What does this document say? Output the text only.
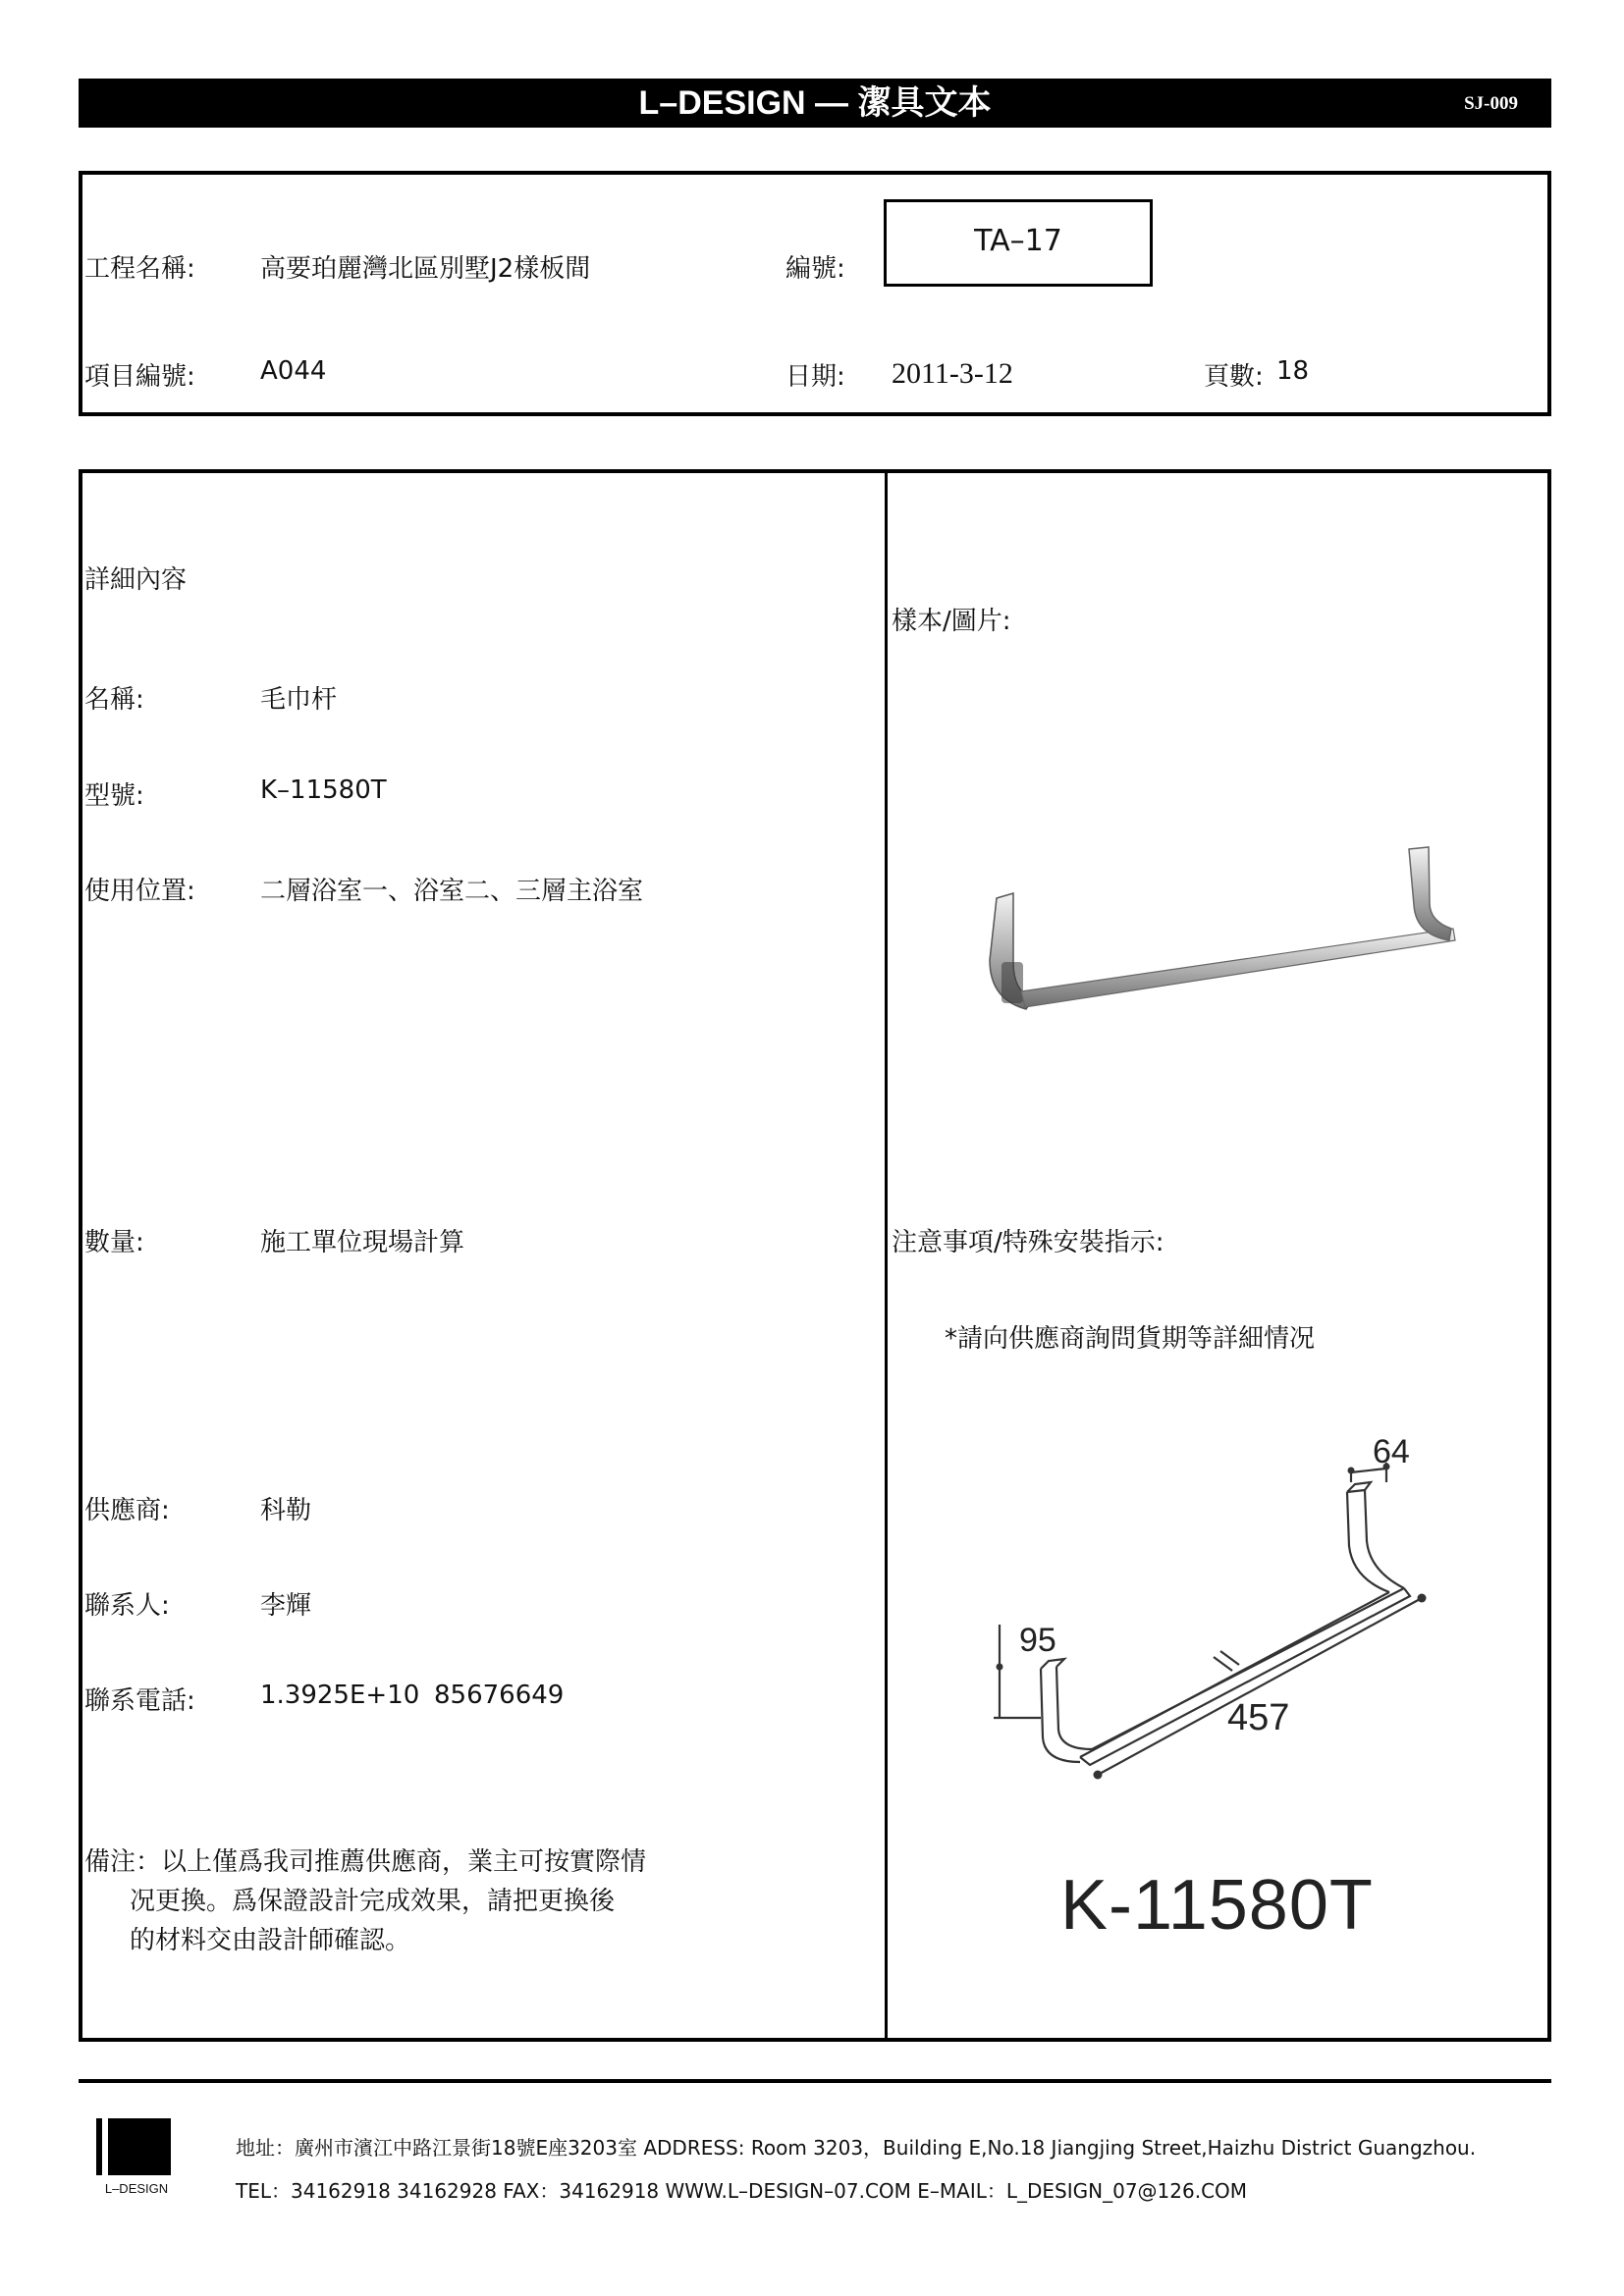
L–DESIGN — 潔具文本	SJ-009
工程名稱:	高要珀麗灣北區別墅J2樣板間	編號:
TA–17
項目編號:	A044	日期: 2011-3-12	頁數: 18
詳細內容
名稱:	毛巾杆
型號:	K–11580T
使用位置:	二層浴室一、浴室二、三層主浴室
數量:	施工單位現場計算
供應商:	科勒
聯系人:	李輝
聯系電話:	1.3925E+10 85676649
備注：以上僅爲我司推薦供應商，業主可按實際情
况更換。爲保證設計完成效果，請把更換後
的材料交由設計師確認。
樣本/圖片:
注意事項/特殊安裝指示:
*請向供應商詢問貨期等詳細情况
64
95
457
K-11580T
L–DESIGN
地址：廣州市濱江中路江景街18號E座3203室 ADDRESS: Room 3203，Building E,No.18 Jiangjing Street,Haizhu District Guangzhou.
TEL：34162918 34162928 FAX：34162918 WWW.L–DESIGN–07.COM E–MAIL：L_DESIGN_07@126.COM
